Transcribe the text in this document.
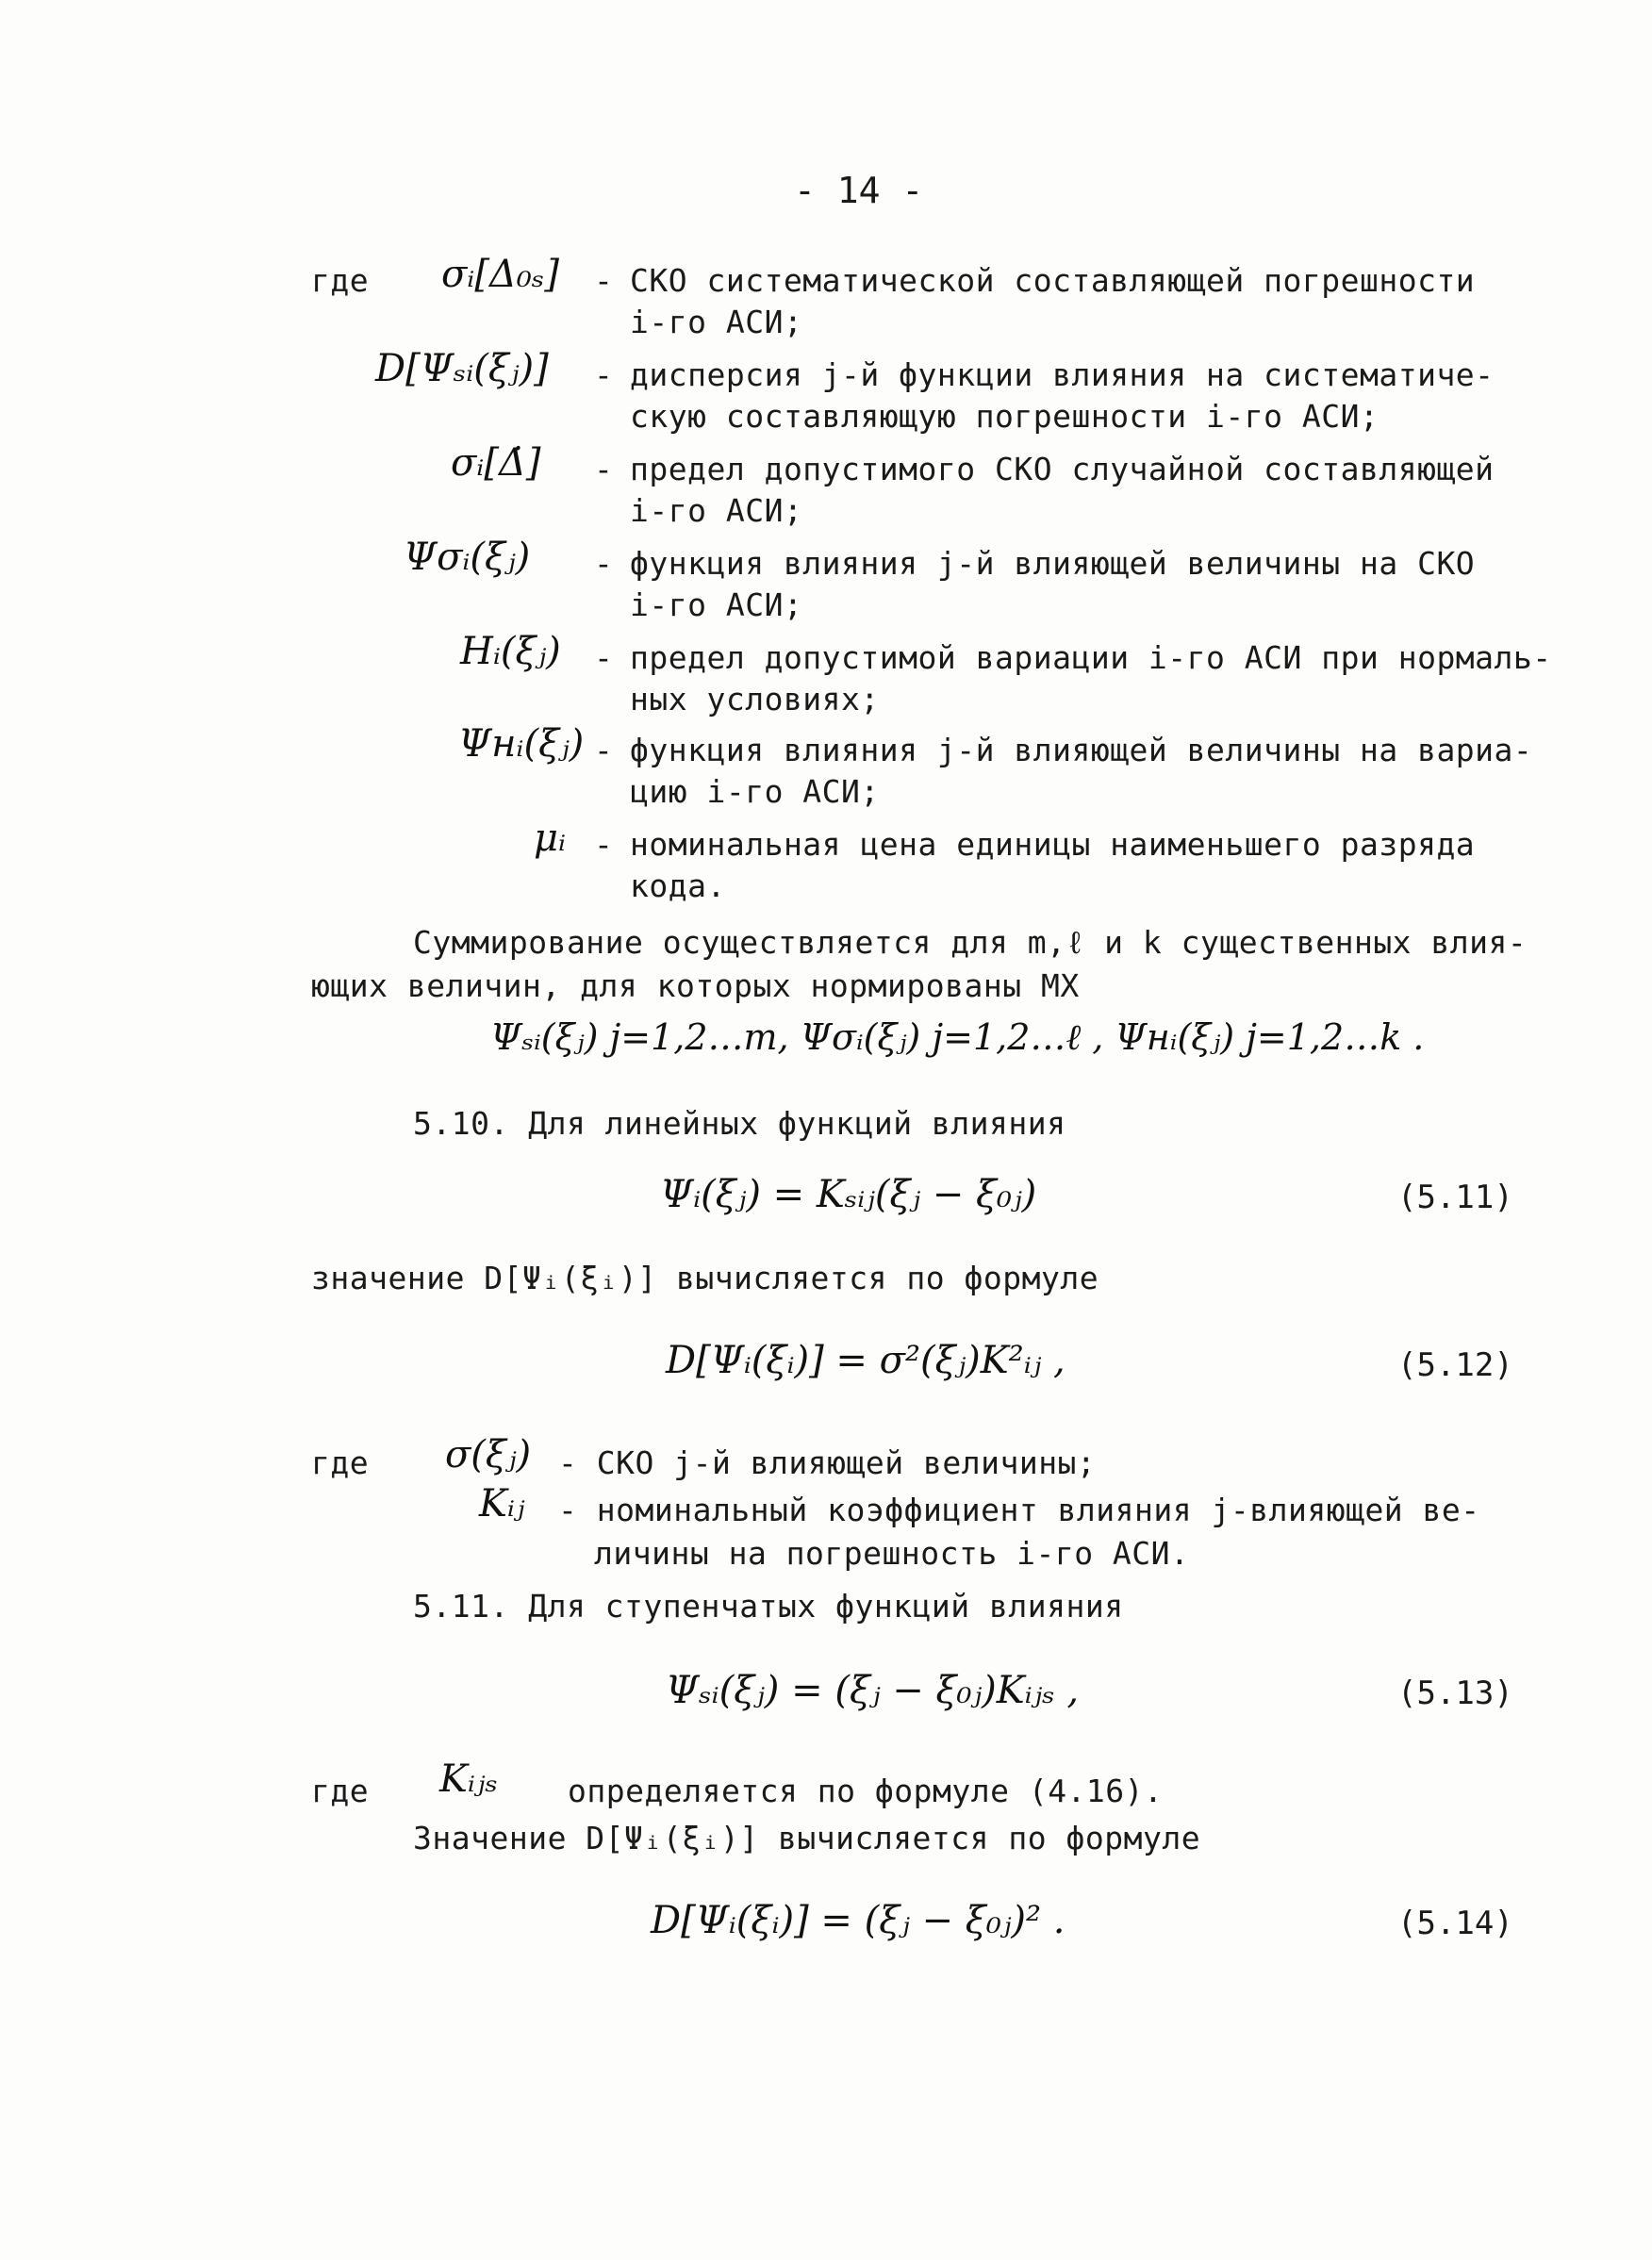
- 14 -
где σᵢ[Δ₀ₛ] - СКО систематической составляющей погрешности
i-го АСИ;
D[Ψₛᵢ(ξⱼ)] - дисперсия j-й функции влияния на систематиче-
скую составляющую погрешности i-го АСИ;
σᵢ[Δ̇] - предел допустимого СКО случайной составляющей
i-го АСИ;
Ψσᵢ(ξⱼ) - функция влияния j-й влияющей величины на СКО
i-го АСИ;
Hᵢ(ξⱼ) - предел допустимой вариации i-го АСИ при нормаль-
ных условиях;
Ψнᵢ(ξⱼ) - функция влияния j-й влияющей величины на вариа-
цию i-го АСИ;
μᵢ - номинальная цена единицы наименьшего разряда
кода.
Суммирование осуществляется для m,ℓ и k существенных влия-
ющих величин, для которых нормированы МХ
Ψₛᵢ(ξⱼ) j=1,2…m, Ψσᵢ(ξⱼ) j=1,2…ℓ , Ψнᵢ(ξⱼ) j=1,2…k .
5.10. Для линейных функций влияния
Ψᵢ(ξⱼ) = Kₛᵢⱼ(ξⱼ − ξ₀ⱼ)	(5.11)
значение D[Ψᵢ(ξᵢ)] вычисляется по формуле
D[Ψᵢ(ξᵢ)] = σ²(ξⱼ)K²ᵢⱼ ,	(5.12)
где σ(ξⱼ) - СКО j-й влияющей величины;
Kᵢⱼ - номинальный коэффициент влияния j-влияющей ве-
личины на погрешность i-го АСИ.
5.11. Для ступенчатых функций влияния
Ψₛᵢ(ξⱼ) = (ξⱼ − ξ₀ⱼ)Kᵢⱼₛ ,	(5.13)
где Kᵢⱼₛ определяется по формуле (4.16).
Значение D[Ψᵢ(ξᵢ)] вычисляется по формуле
D[Ψᵢ(ξᵢ)] = (ξⱼ − ξ₀ⱼ)² .	(5.14)
